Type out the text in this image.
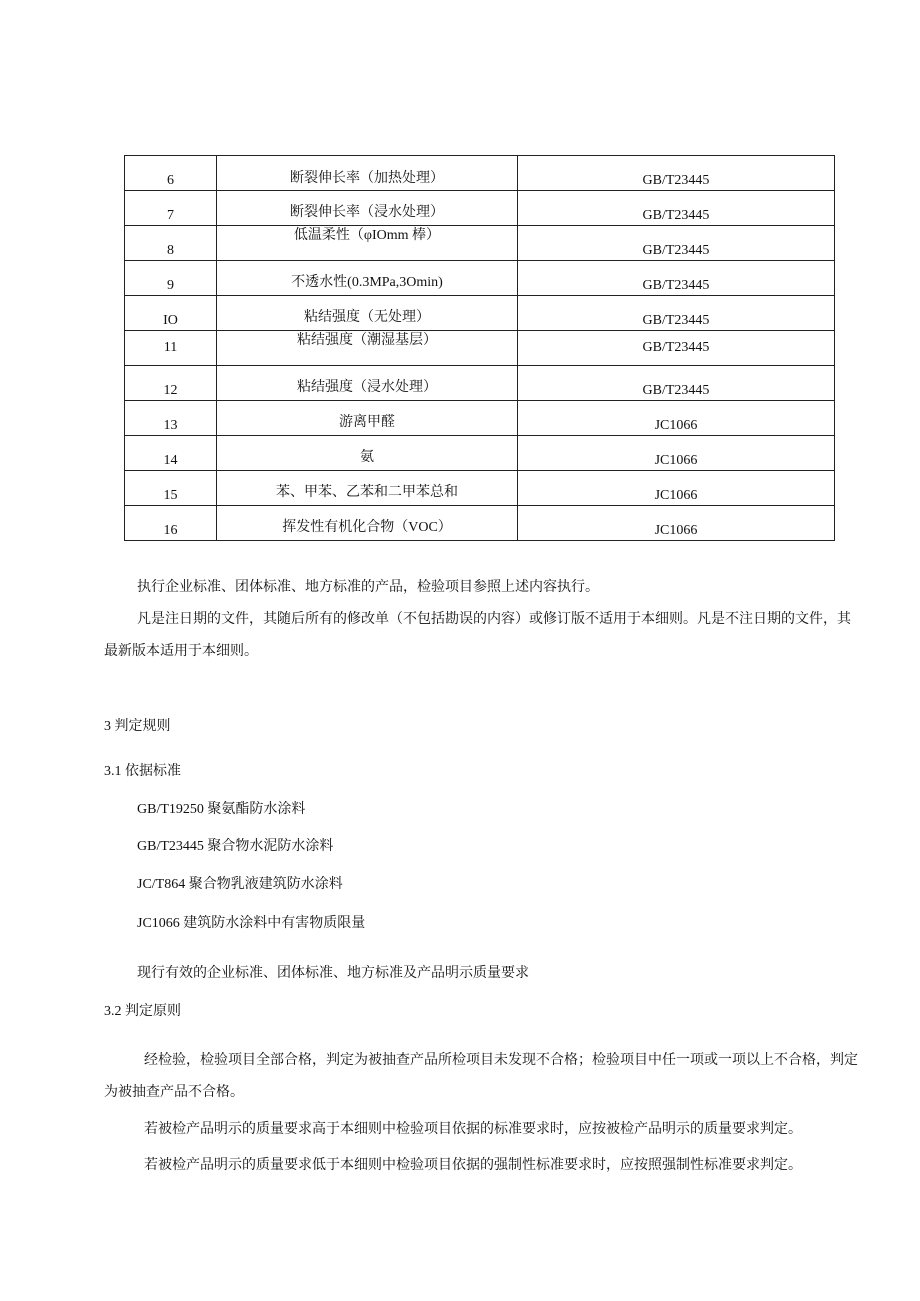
6	断裂伸长率（加热处理）	GB/T23445
7	断裂伸长率（浸水处理）	GB/T23445
8	低温柔性（φIOmm 棒）	GB/T23445
9	不透水性(0.3MPa,3Omin)	GB/T23445
IO	粘结强度（无处理）	GB/T23445
11	粘结强度（潮湿基层）	GB/T23445
12	粘结强度（浸水处理）	GB/T23445
13	游离甲醛	JC1066
14	氨	JC1066
15	苯、甲苯、乙苯和二甲苯总和	JC1066
16	挥发性有机化合物（VOC）	JC1066
执行企业标准、团体标准、地方标准的产品，检验项目参照上述内容执行。
凡是注日期的文件，其随后所有的修改单（不包括勘误的内容）或修订版不适用于本细则。凡是不注日期的文件，其最新版本适用于本细则。
3 判定规则
3.1 依据标准
GB/T19250 聚氨酯防水涂料
GB/T23445 聚合物水泥防水涂料
JC/T864 聚合物乳液建筑防水涂料
JC1066 建筑防水涂料中有害物质限量
现行有效的企业标准、团体标准、地方标准及产品明示质量要求
3.2 判定原则
经检验，检验项目全部合格，判定为被抽查产品所检项目未发现不合格；检验项目中任一项或一项以上不合格，判定为被抽查产品不合格。
若被检产品明示的质量要求高于本细则中检验项目依据的标准要求时，应按被检产品明示的质量要求判定。
若被检产品明示的质量要求低于本细则中检验项目依据的强制性标准要求时，应按照强制性标准要求判定。
